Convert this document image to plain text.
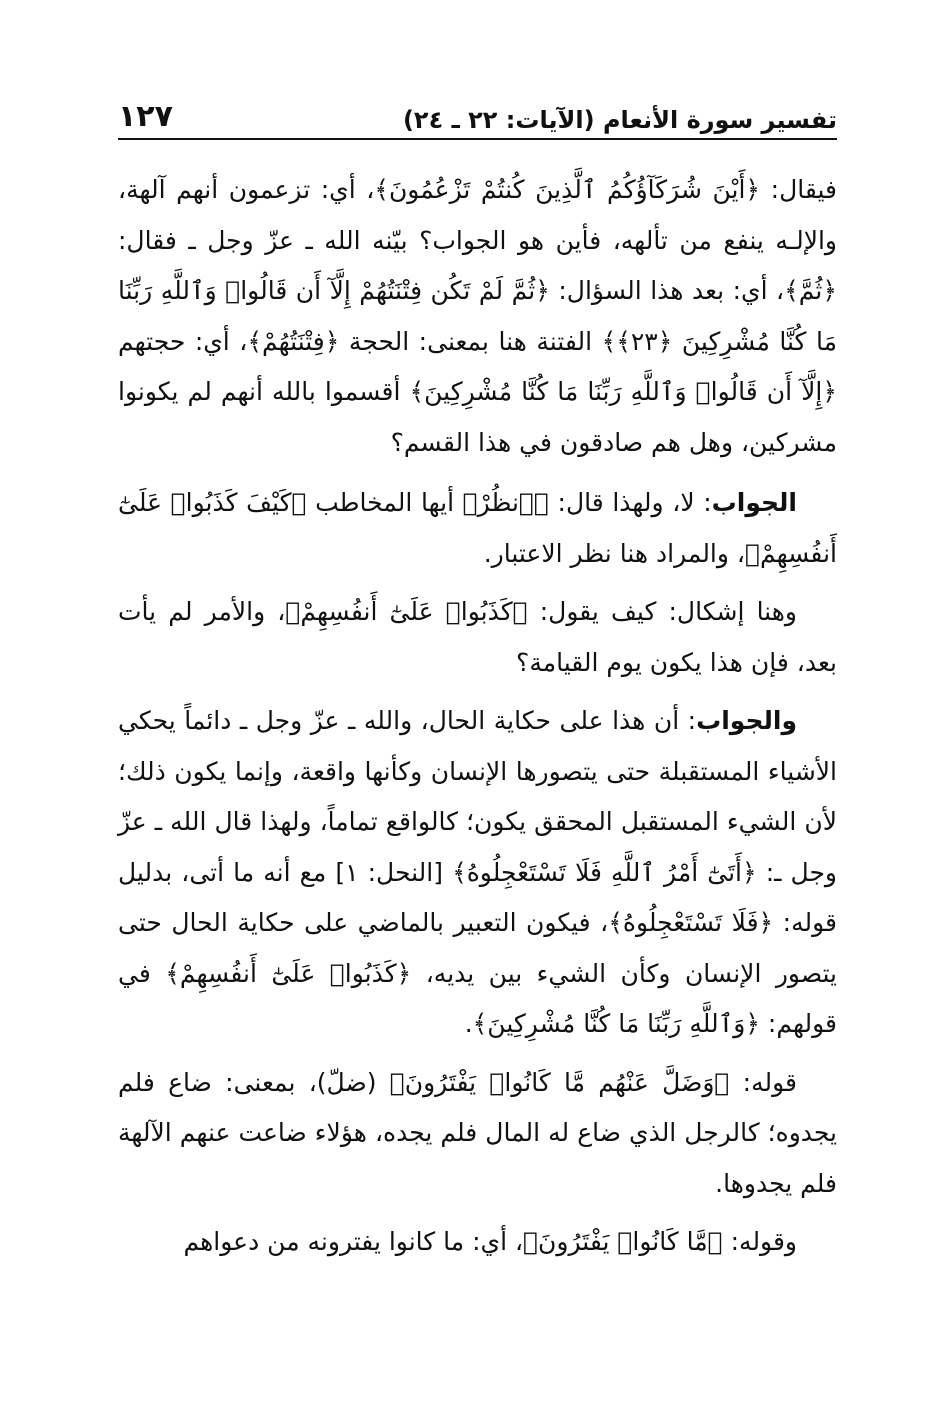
تفسير سورة الأنعام (الآيات: ٢٢ ـ ٢٤)
١٢٧

فيقال: ﴿أَيْنَ شُرَكَآؤُكُمُ ٱلَّذِينَ كُنتُمْ تَزْعُمُونَ﴾، أي: تزعمون أنهم آلهة، والإلـه ينفع من تألهه، فأين هو الجواب؟ بيّنه الله ـ عزّ وجل ـ فقال: ﴿ثُمَّ﴾، أي: بعد هذا السؤال: ﴿ثُمَّ لَمْ تَكُن فِتْنَتُهُمْ إِلَّآ أَن قَالُوا۟ وَٱللَّهِ رَبِّنَا مَا كُنَّا مُشْرِكِينَ ﴿٢٣﴾﴾ الفتنة هنا بمعنى: الحجة ﴿فِتْنَتُهُمْ﴾، أي: حجتهم ﴿إِلَّآ أَن قَالُوا۟ وَٱللَّهِ رَبِّنَا مَا كُنَّا مُشْرِكِينَ﴾ أقسموا بالله أنهم لم يكونوا مشركين، وهل هم صادقون في هذا القسم؟

الجواب: لا، ولهذا قال: ﴿ٱنظُرْ﴾ أيها المخاطب ﴿كَيْفَ كَذَبُوا۟ عَلَىٰٓ أَنفُسِهِمْ﴾، والمراد هنا نظر الاعتبار.

وهنا إشكال: كيف يقول: ﴿كَذَبُوا۟ عَلَىٰٓ أَنفُسِهِمْ﴾، والأمر لم يأت بعد، فإن هذا يكون يوم القيامة؟

والجواب: أن هذا على حكاية الحال، والله ـ عزّ وجل ـ دائماً يحكي الأشياء المستقبلة حتى يتصورها الإنسان وكأنها واقعة، وإنما يكون ذلك؛ لأن الشيء المستقبل المحقق يكون؛ كالواقع تماماً، ولهذا قال الله ـ عزّ وجل ـ: ﴿أَتَىٰٓ أَمْرُ ٱللَّهِ فَلَا تَسْتَعْجِلُوهُ﴾ [النحل: ١] مع أنه ما أتى، بدليل قوله: ﴿فَلَا تَسْتَعْجِلُوهُ﴾، فيكون التعبير بالماضي على حكاية الحال حتى يتصور الإنسان وكأن الشيء بين يديه، ﴿كَذَبُوا۟ عَلَىٰٓ أَنفُسِهِمْ﴾ في قولهم: ﴿وَٱللَّهِ رَبِّنَا مَا كُنَّا مُشْرِكِينَ﴾.

قوله: ﴿وَضَلَّ عَنْهُم مَّا كَانُوا۟ يَفْتَرُونَ﴾ (ضلّ)، بمعنى: ضاع فلم يجدوه؛ كالرجل الذي ضاع له المال فلم يجده، هؤلاء ضاعت عنهم الآلهة فلم يجدوها.

وقوله: ﴿مَّا كَانُوا۟ يَفْتَرُونَ﴾، أي: ما كانوا يفترونه من دعواهم
